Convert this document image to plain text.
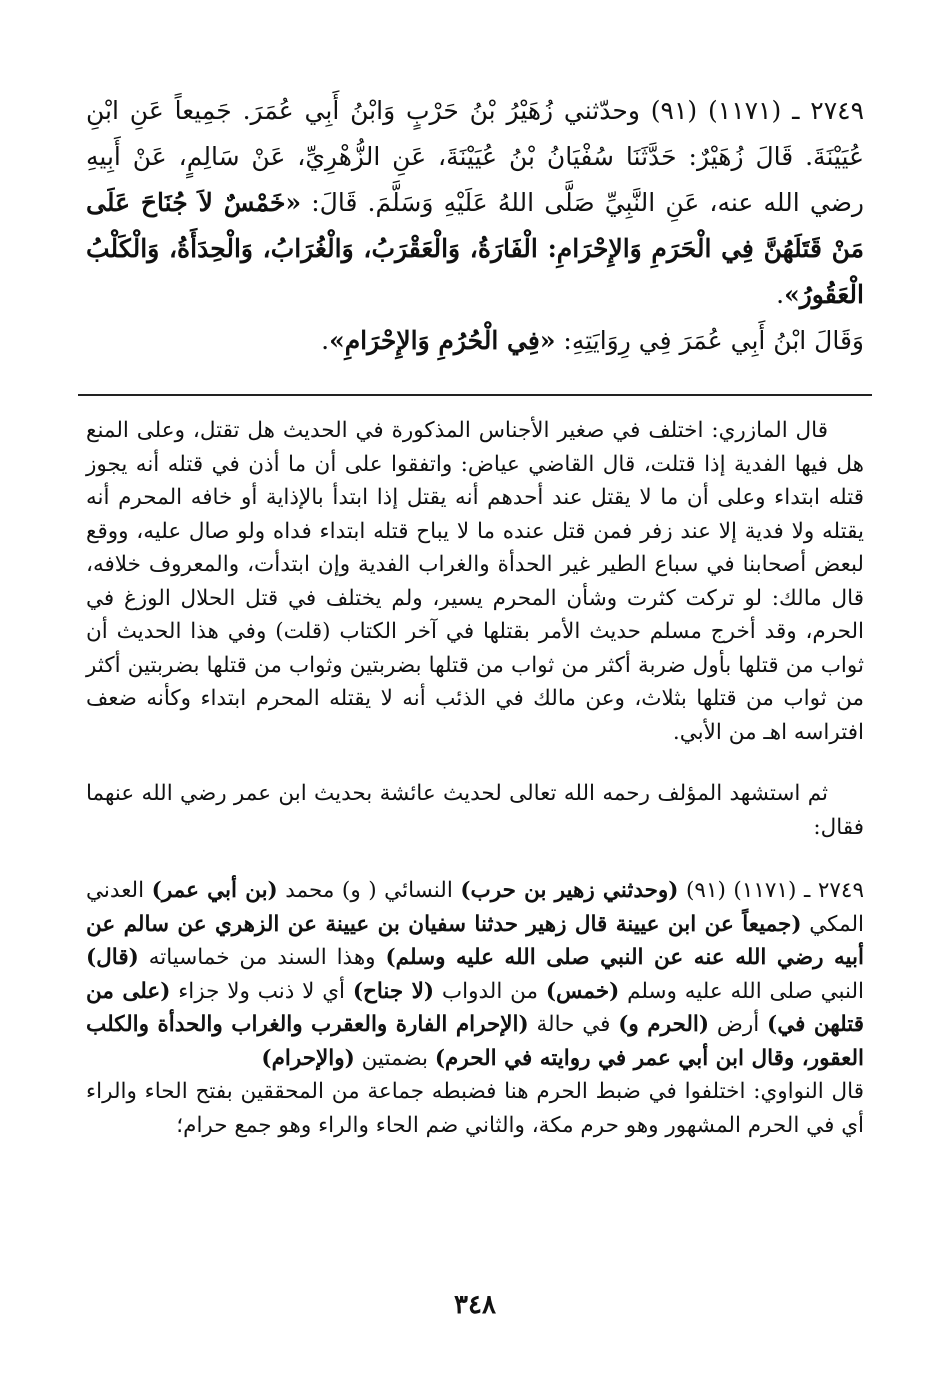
٢٧٤٩ ـ (١١٧١) (٩١) وحدّثني زُهَيْرُ بْنُ حَرْبٍ وَابْنُ أَبِي عُمَرَ. جَمِيعاً عَنِ ابْنِ عُيَيْنَةَ. قَالَ زُهَيْرٌ: حَدَّثَنَا سُفْيَانُ بْنُ عُيَيْنَةَ، عَنِ الزُّهْرِيِّ، عَنْ سَالِمٍ، عَنْ أَبِيهِ رضي الله عنه، عَنِ النَّبِيِّ صَلَّى اللهُ عَلَيْهِ وَسَلَّمَ. قَالَ: «خَمْسٌ لاَ جُنَاحَ عَلَى مَنْ قَتَلَهُنَّ فِي الْحَرَمِ وَالإِحْرَامِ: الْفَارَةُ، وَالْعَقْرَبُ، وَالْغُرَابُ، وَالْحِدَأَةُ، وَالْكَلْبُ الْعَقُورُ».
وَقَالَ ابْنُ أَبِي عُمَرَ فِي رِوَايَتِهِ: «فِي الْحُرُمِ وَالإِحْرَامِ».

قال المازري: اختلف في صغير الأجناس المذكورة في الحديث هل تقتل، وعلى المنع هل فيها الفدية إذا قتلت، قال القاضي عياض: واتفقوا على أن ما أذن في قتله أنه يجوز قتله ابتداء وعلى أن ما لا يقتل عند أحدهم أنه يقتل إذا ابتدأ بالإذاية أو خافه المحرم أنه يقتله ولا فدية إلا عند زفر فمن قتل عنده ما لا يباح قتله ابتداء فداه ولو صال عليه، ووقع لبعض أصحابنا في سباع الطير غير الحدأة والغراب الفدية وإن ابتدأت، والمعروف خلافه، قال مالك: لو تركت كثرت وشأن المحرم يسير، ولم يختلف في قتل الحلال الوزغ في الحرم، وقد أخرج مسلم حديث الأمر بقتلها في آخر الكتاب (قلت) وفي هذا الحديث أن ثواب من قتلها بأول ضربة أكثر من ثواب من قتلها بضربتين وثواب من قتلها بضربتين أكثر من ثواب من قتلها بثلاث، وعن مالك في الذئب أنه لا يقتله المحرم ابتداء وكأنه ضعف افتراسه اهـ من الأبي.

ثم استشهد المؤلف رحمه الله تعالى لحديث عائشة بحديث ابن عمر رضي الله عنهما فقال:

٢٧٤٩ ـ (١١٧١) (٩١) (وحدثني زهير بن حرب) النسائي ( و) محمد (بن أبي عمر) العدني المكي (جميعاً عن ابن عيينة قال زهير حدثنا سفيان بن عيينة عن الزهري عن سالم عن أبيه رضي الله عنه عن النبي صلى الله عليه وسلم) وهذا السند من خماسياته (قال) النبي صلى الله عليه وسلم (خمس) من الدواب (لا جناح) أي لا ذنب ولا جزاء (على من قتلهن في) أرض (الحرم و) في حالة (الإحرام الفارة والعقرب والغراب والحدأة والكلب العقور، وقال ابن أبي عمر في روايته في الحرم) بضمتين (والإحرام)

قال النواوي: اختلفوا في ضبط الحرم هنا فضبطه جماعة من المحققين بفتح الحاء والراء أي في الحرم المشهور وهو حرم مكة، والثاني ضم الحاء والراء وهو جمع حرام؛

٣٤٨
